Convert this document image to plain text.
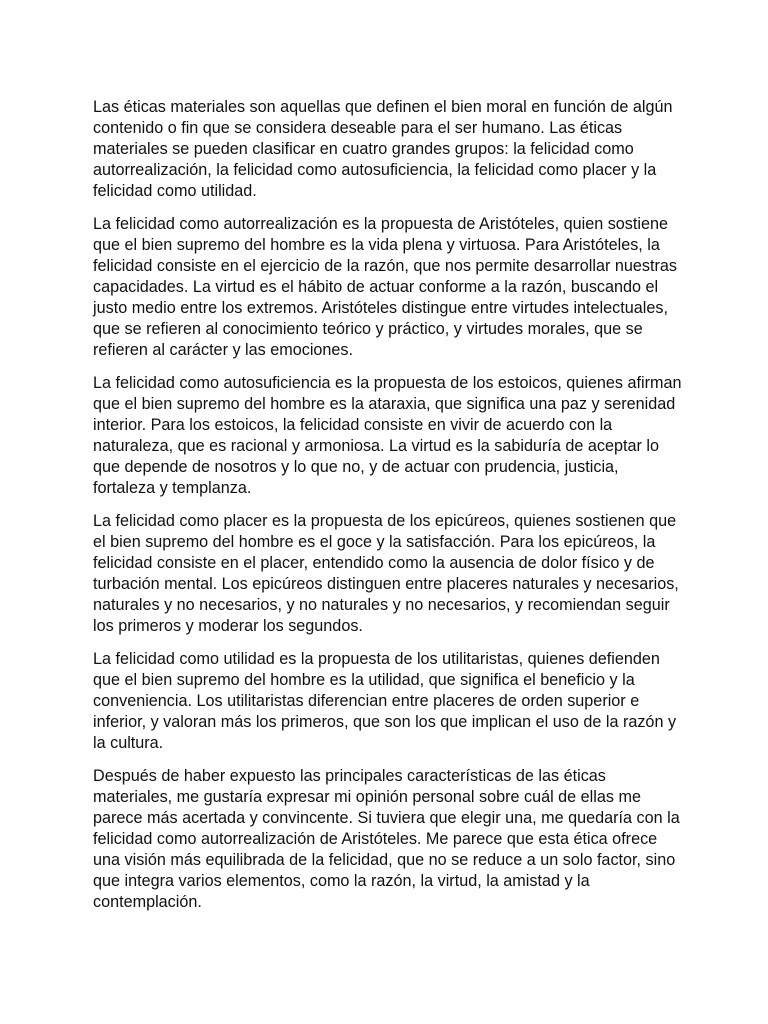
Las éticas materiales son aquellas que definen el bien moral en función de algún contenido o fin que se considera deseable para el ser humano. Las éticas materiales se pueden clasificar en cuatro grandes grupos: la felicidad como autorrealización, la felicidad como autosuficiencia, la felicidad como placer y la felicidad como utilidad.

La felicidad como autorrealización es la propuesta de Aristóteles, quien sostiene que el bien supremo del hombre es la vida plena y virtuosa. Para Aristóteles, la felicidad consiste en el ejercicio de la razón, que nos permite desarrollar nuestras capacidades. La virtud es el hábito de actuar conforme a la razón, buscando el justo medio entre los extremos. Aristóteles distingue entre virtudes intelectuales, que se refieren al conocimiento teórico y práctico, y virtudes morales, que se refieren al carácter y las emociones.

La felicidad como autosuficiencia es la propuesta de los estoicos, quienes afirman que el bien supremo del hombre es la ataraxia, que significa una paz y serenidad interior. Para los estoicos, la felicidad consiste en vivir de acuerdo con la naturaleza, que es racional y armoniosa. La virtud es la sabiduría de aceptar lo que depende de nosotros y lo que no, y de actuar con prudencia, justicia, fortaleza y templanza.

La felicidad como placer es la propuesta de los epicúreos, quienes sostienen que el bien supremo del hombre es el goce y la satisfacción. Para los epicúreos, la felicidad consiste en el placer, entendido como la ausencia de dolor físico y de turbación mental. Los epicúreos distinguen entre placeres naturales y necesarios, naturales y no necesarios, y no naturales y no necesarios, y recomiendan seguir los primeros y moderar los segundos.

La felicidad como utilidad es la propuesta de los utilitaristas, quienes defienden que el bien supremo del hombre es la utilidad, que significa el beneficio y la conveniencia. Los utilitaristas diferencian entre placeres de orden superior e inferior, y valoran más los primeros, que son los que implican el uso de la razón y la cultura.

Después de haber expuesto las principales características de las éticas materiales, me gustaría expresar mi opinión personal sobre cuál de ellas me parece más acertada y convincente. Si tuviera que elegir una, me quedaría con la felicidad como autorrealización de Aristóteles. Me parece que esta ética ofrece una visión más equilibrada de la felicidad, que no se reduce a un solo factor, sino que integra varios elementos, como la razón, la virtud, la amistad y la contemplación.
